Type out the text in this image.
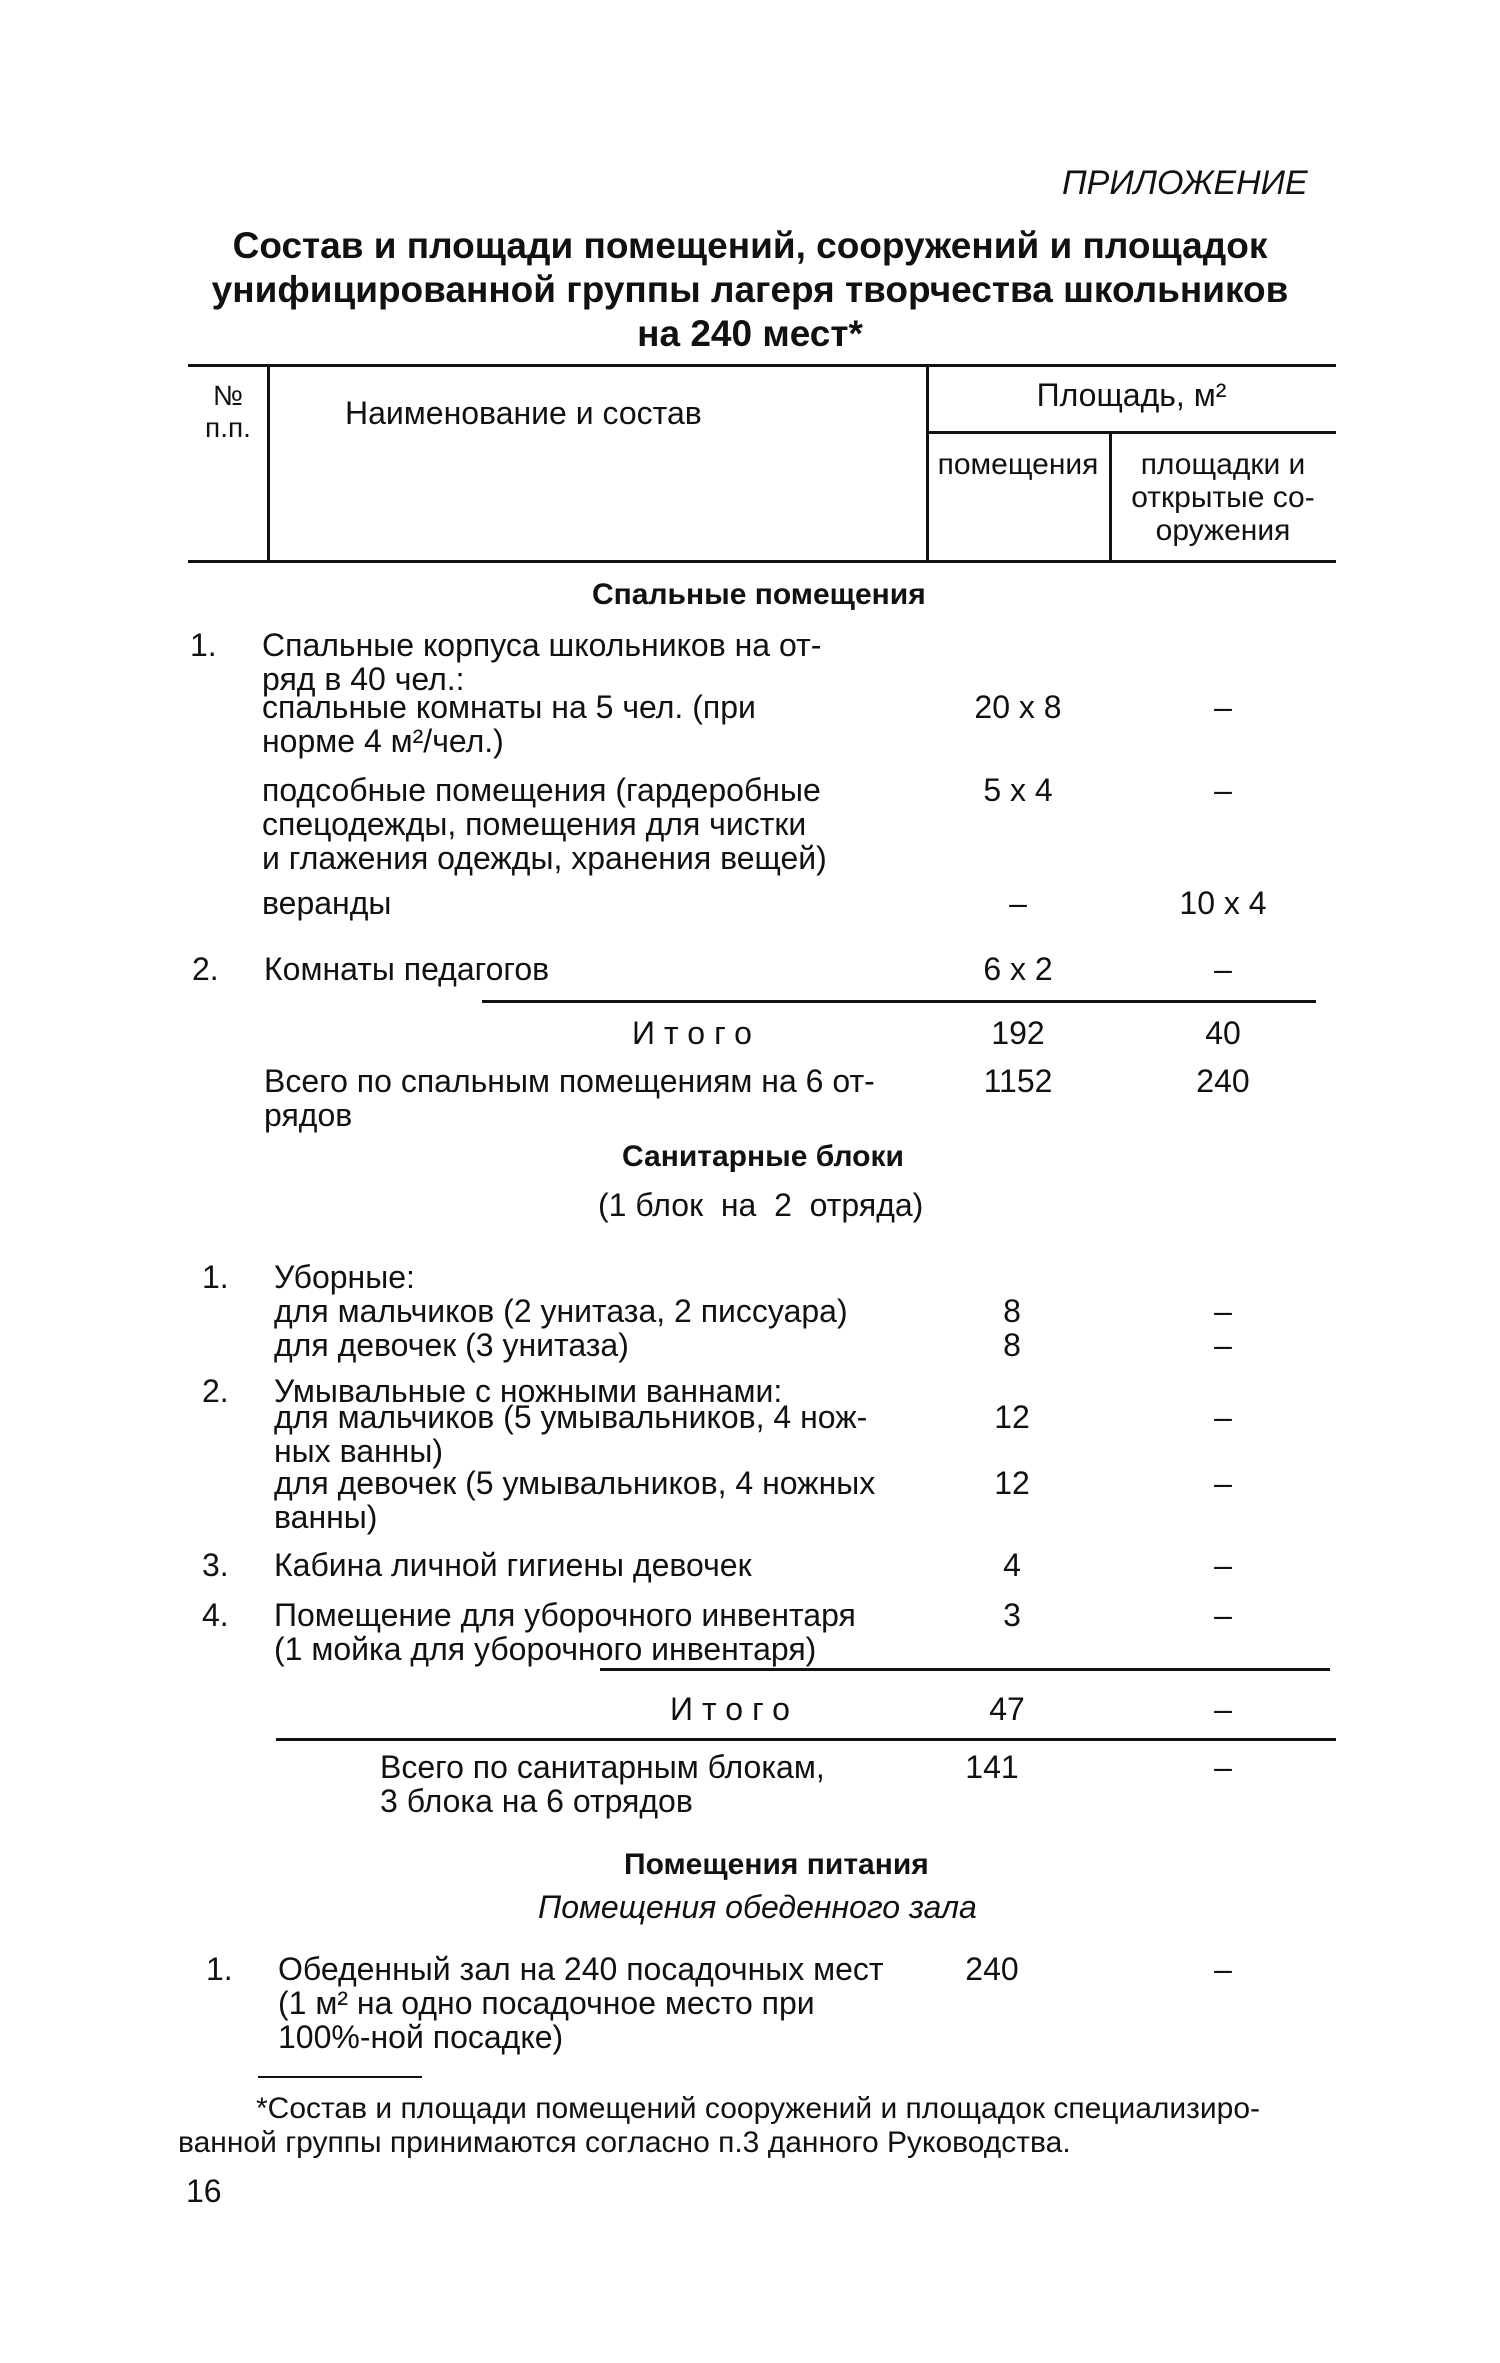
ПРИЛОЖЕНИЕ
Состав и площади помещений, сооружений и площадок
унифицированной группы лагеря творчества школьников
на 240 мест*
№
п.п.	Наименование и состав	Площадь, м²
помещения	площадки и
открытые со-
оружения
Спальные помещения
1. Спальные корпуса школьников на от-
ряд в 40 чел.:
спальные комнаты на 5 чел. (при
норме 4 м²/чел.)
20 x 8	–
подсобные помещения (гардеробные
спецодежды, помещения для чистки
и глажения одежды, хранения вещей)
5 x 4	–
веранды	–	10 x 4
2. Комнаты педагогов	6 x 2	–
Итого	192	40
Всего по спальным помещениям на 6 от-
рядов
1152	240
Санитарные блоки
(1 блок  на  2  отряда)
1. Уборные:
для мальчиков (2 унитаза, 2 писсуара)	8	–
для девочек (3 унитаза)	8	–
2. Умывальные с ножными ваннами:
для мальчиков (5 умывальников, 4 нож-
ных ванны)
12	–
для девочек (5 умывальников, 4 ножных
ванны)
12	–
3. Кабина личной гигиены девочек	4	–
4. Помещение для уборочного инвентаря
(1 мойка для уборочного инвентаря)
3	–
Итого	47	–
Всего по санитарным блокам,
3 блока на 6 отрядов
141	–
Помещения питания
Помещения обеденного зала
1. Обеденный зал на 240 посадочных мест
(1 м² на одно посадочное место при
100%-ной посадке)
240	–
*Состав и площади помещений сооружений и площадок специализиро-
ванной группы принимаются согласно п.3 данного Руководства.
16
